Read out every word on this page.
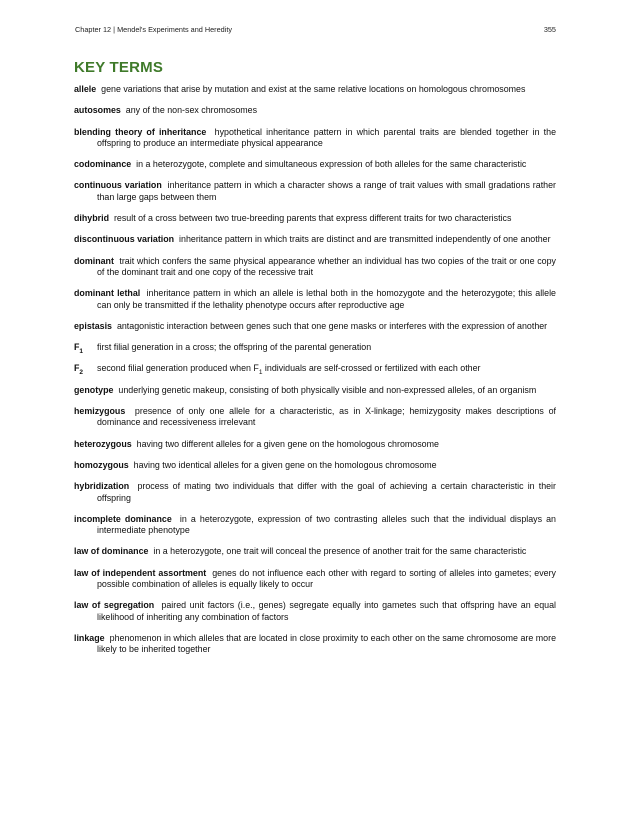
Chapter 12 | Mendel's Experiments and Heredity	355
KEY TERMS

allele gene variations that arise by mutation and exist at the same relative locations on homologous chromosomes

autosomes any of the non-sex chromosomes

blending theory of inheritance hypothetical inheritance pattern in which parental traits are blended together in the offspring to produce an intermediate physical appearance

codominance in a heterozygote, complete and simultaneous expression of both alleles for the same characteristic

continuous variation inheritance pattern in which a character shows a range of trait values with small gradations rather than large gaps between them

dihybrid result of a cross between two true-breeding parents that express different traits for two characteristics

discontinuous variation inheritance pattern in which traits are distinct and are transmitted independently of one another

dominant trait which confers the same physical appearance whether an individual has two copies of the trait or one copy of the dominant trait and one copy of the recessive trait

dominant lethal inheritance pattern in which an allele is lethal both in the homozygote and the heterozygote; this allele can only be transmitted if the lethality phenotype occurs after reproductive age

epistasis antagonistic interaction between genes such that one gene masks or interferes with the expression of another

$F_1$ first filial generation in a cross; the offspring of the parental generation

$F_2$ second filial generation produced when $F_1$ individuals are self-crossed or fertilized with each other

genotype underlying genetic makeup, consisting of both physically visible and non-expressed alleles, of an organism

hemizygous presence of only one allele for a characteristic, as in X-linkage; hemizygosity makes descriptions of dominance and recessiveness irrelevant

heterozygous having two different alleles for a given gene on the homologous chromosome

homozygous having two identical alleles for a given gene on the homologous chromosome

hybridization process of mating two individuals that differ with the goal of achieving a certain characteristic in their offspring

incomplete dominance in a heterozygote, expression of two contrasting alleles such that the individual displays an intermediate phenotype

law of dominance in a heterozygote, one trait will conceal the presence of another trait for the same characteristic

law of independent assortment genes do not influence each other with regard to sorting of alleles into gametes; every possible combination of alleles is equally likely to occur

law of segregation paired unit factors (i.e., genes) segregate equally into gametes such that offspring have an equal likelihood of inheriting any combination of factors

linkage phenomenon in which alleles that are located in close proximity to each other on the same chromosome are more likely to be inherited together
